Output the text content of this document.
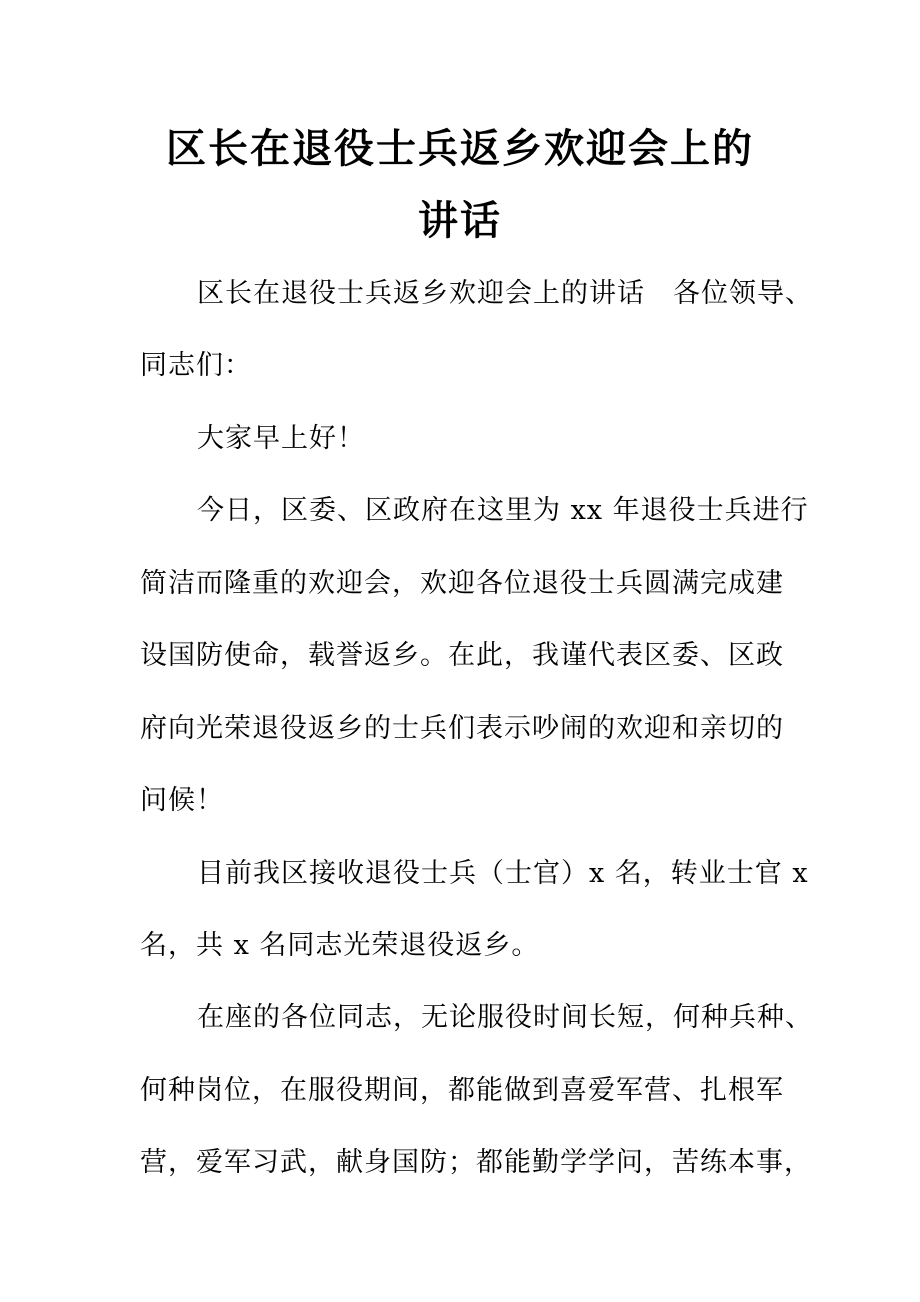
区长在退役士兵返乡欢迎会上的
讲话

区长在退役士兵返乡欢迎会上的讲话　各位领导、

同志们：

大家早上好！

今日，区委、区政府在这里为 xx 年退役士兵进行

简洁而隆重的欢迎会，欢迎各位退役士兵圆满完成建

设国防使命，载誉返乡。在此，我谨代表区委、区政

府向光荣退役返乡的士兵们表示吵闹的欢迎和亲切的

问候！

目前我区接收退役士兵（士官）x 名，转业士官 x

名，共 x 名同志光荣退役返乡。

在座的各位同志，无论服役时间长短，何种兵种、

何种岗位，在服役期间，都能做到喜爱军营、扎根军

营，爱军习武，献身国防；都能勤学学问，苦练本事，
